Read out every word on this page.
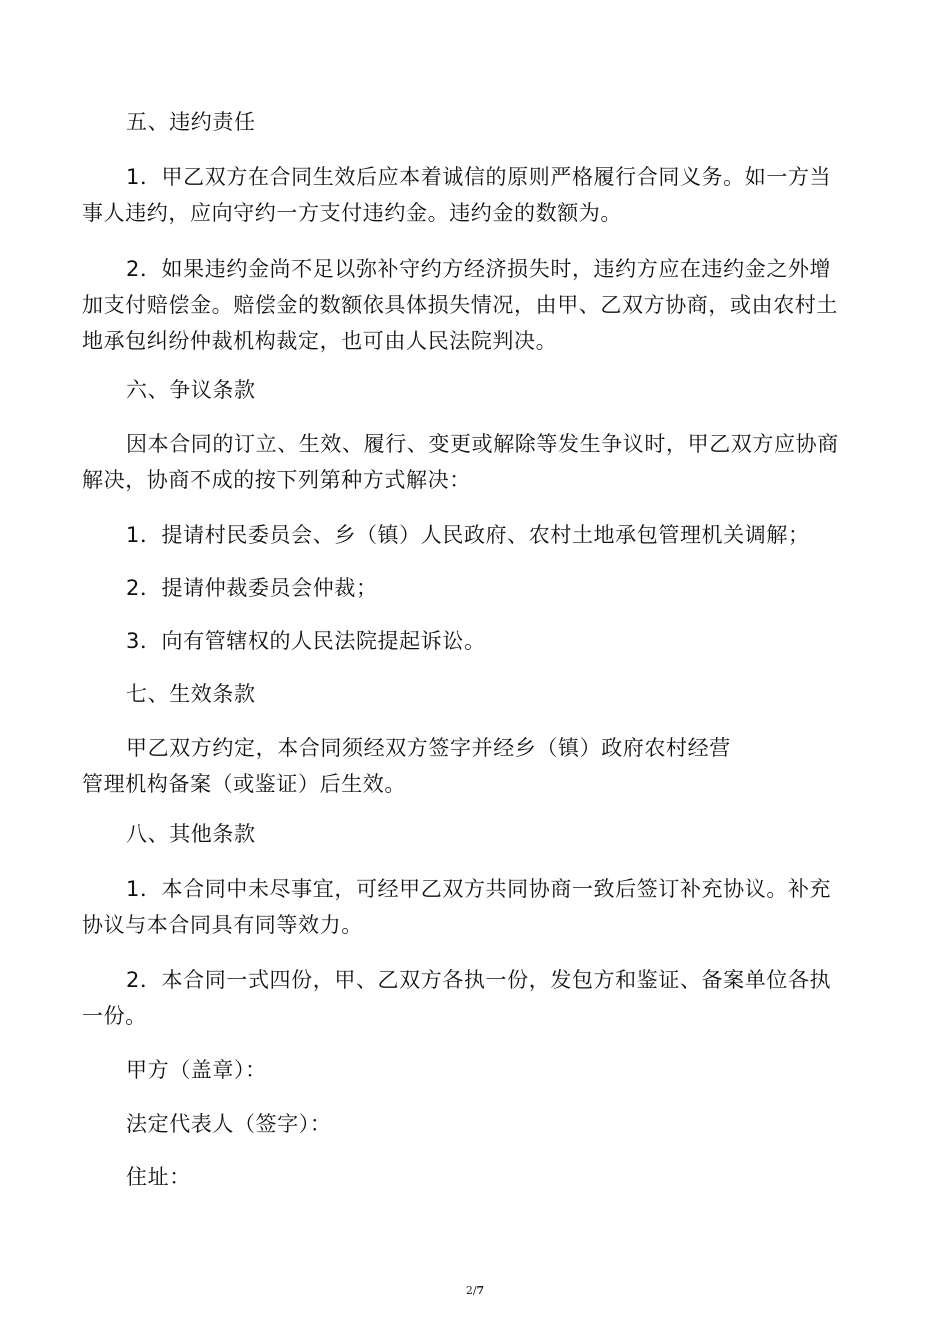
五、违约责任

1．甲乙双方在合同生效后应本着诚信的原则严格履行合同义务。如一方当
事人违约，应向守约一方支付违约金。违约金的数额为。

2．如果违约金尚不足以弥补守约方经济损失时，违约方应在违约金之外增
加支付赔偿金。赔偿金的数额依具体损失情况，由甲、乙双方协商，或由农村土
地承包纠纷仲裁机构裁定，也可由人民法院判决。

六、争议条款

因本合同的订立、生效、履行、变更或解除等发生争议时，甲乙双方应协商
解决，协商不成的按下列第种方式解决：

1．提请村民委员会、乡（镇）人民政府、农村土地承包管理机关调解；

2．提请仲裁委员会仲裁；

3．向有管辖权的人民法院提起诉讼。

七、生效条款

甲乙双方约定，本合同须经双方签字并经乡（镇）政府农村经营
管理机构备案（或鉴证）后生效。

八、其他条款

1．本合同中未尽事宜，可经甲乙双方共同协商一致后签订补充协议。补充
协议与本合同具有同等效力。

2．本合同一式四份，甲、乙双方各执一份，发包方和鉴证、备案单位各执
一份。

甲方（盖章）：

法定代表人（签字）：

住址：

2/7
